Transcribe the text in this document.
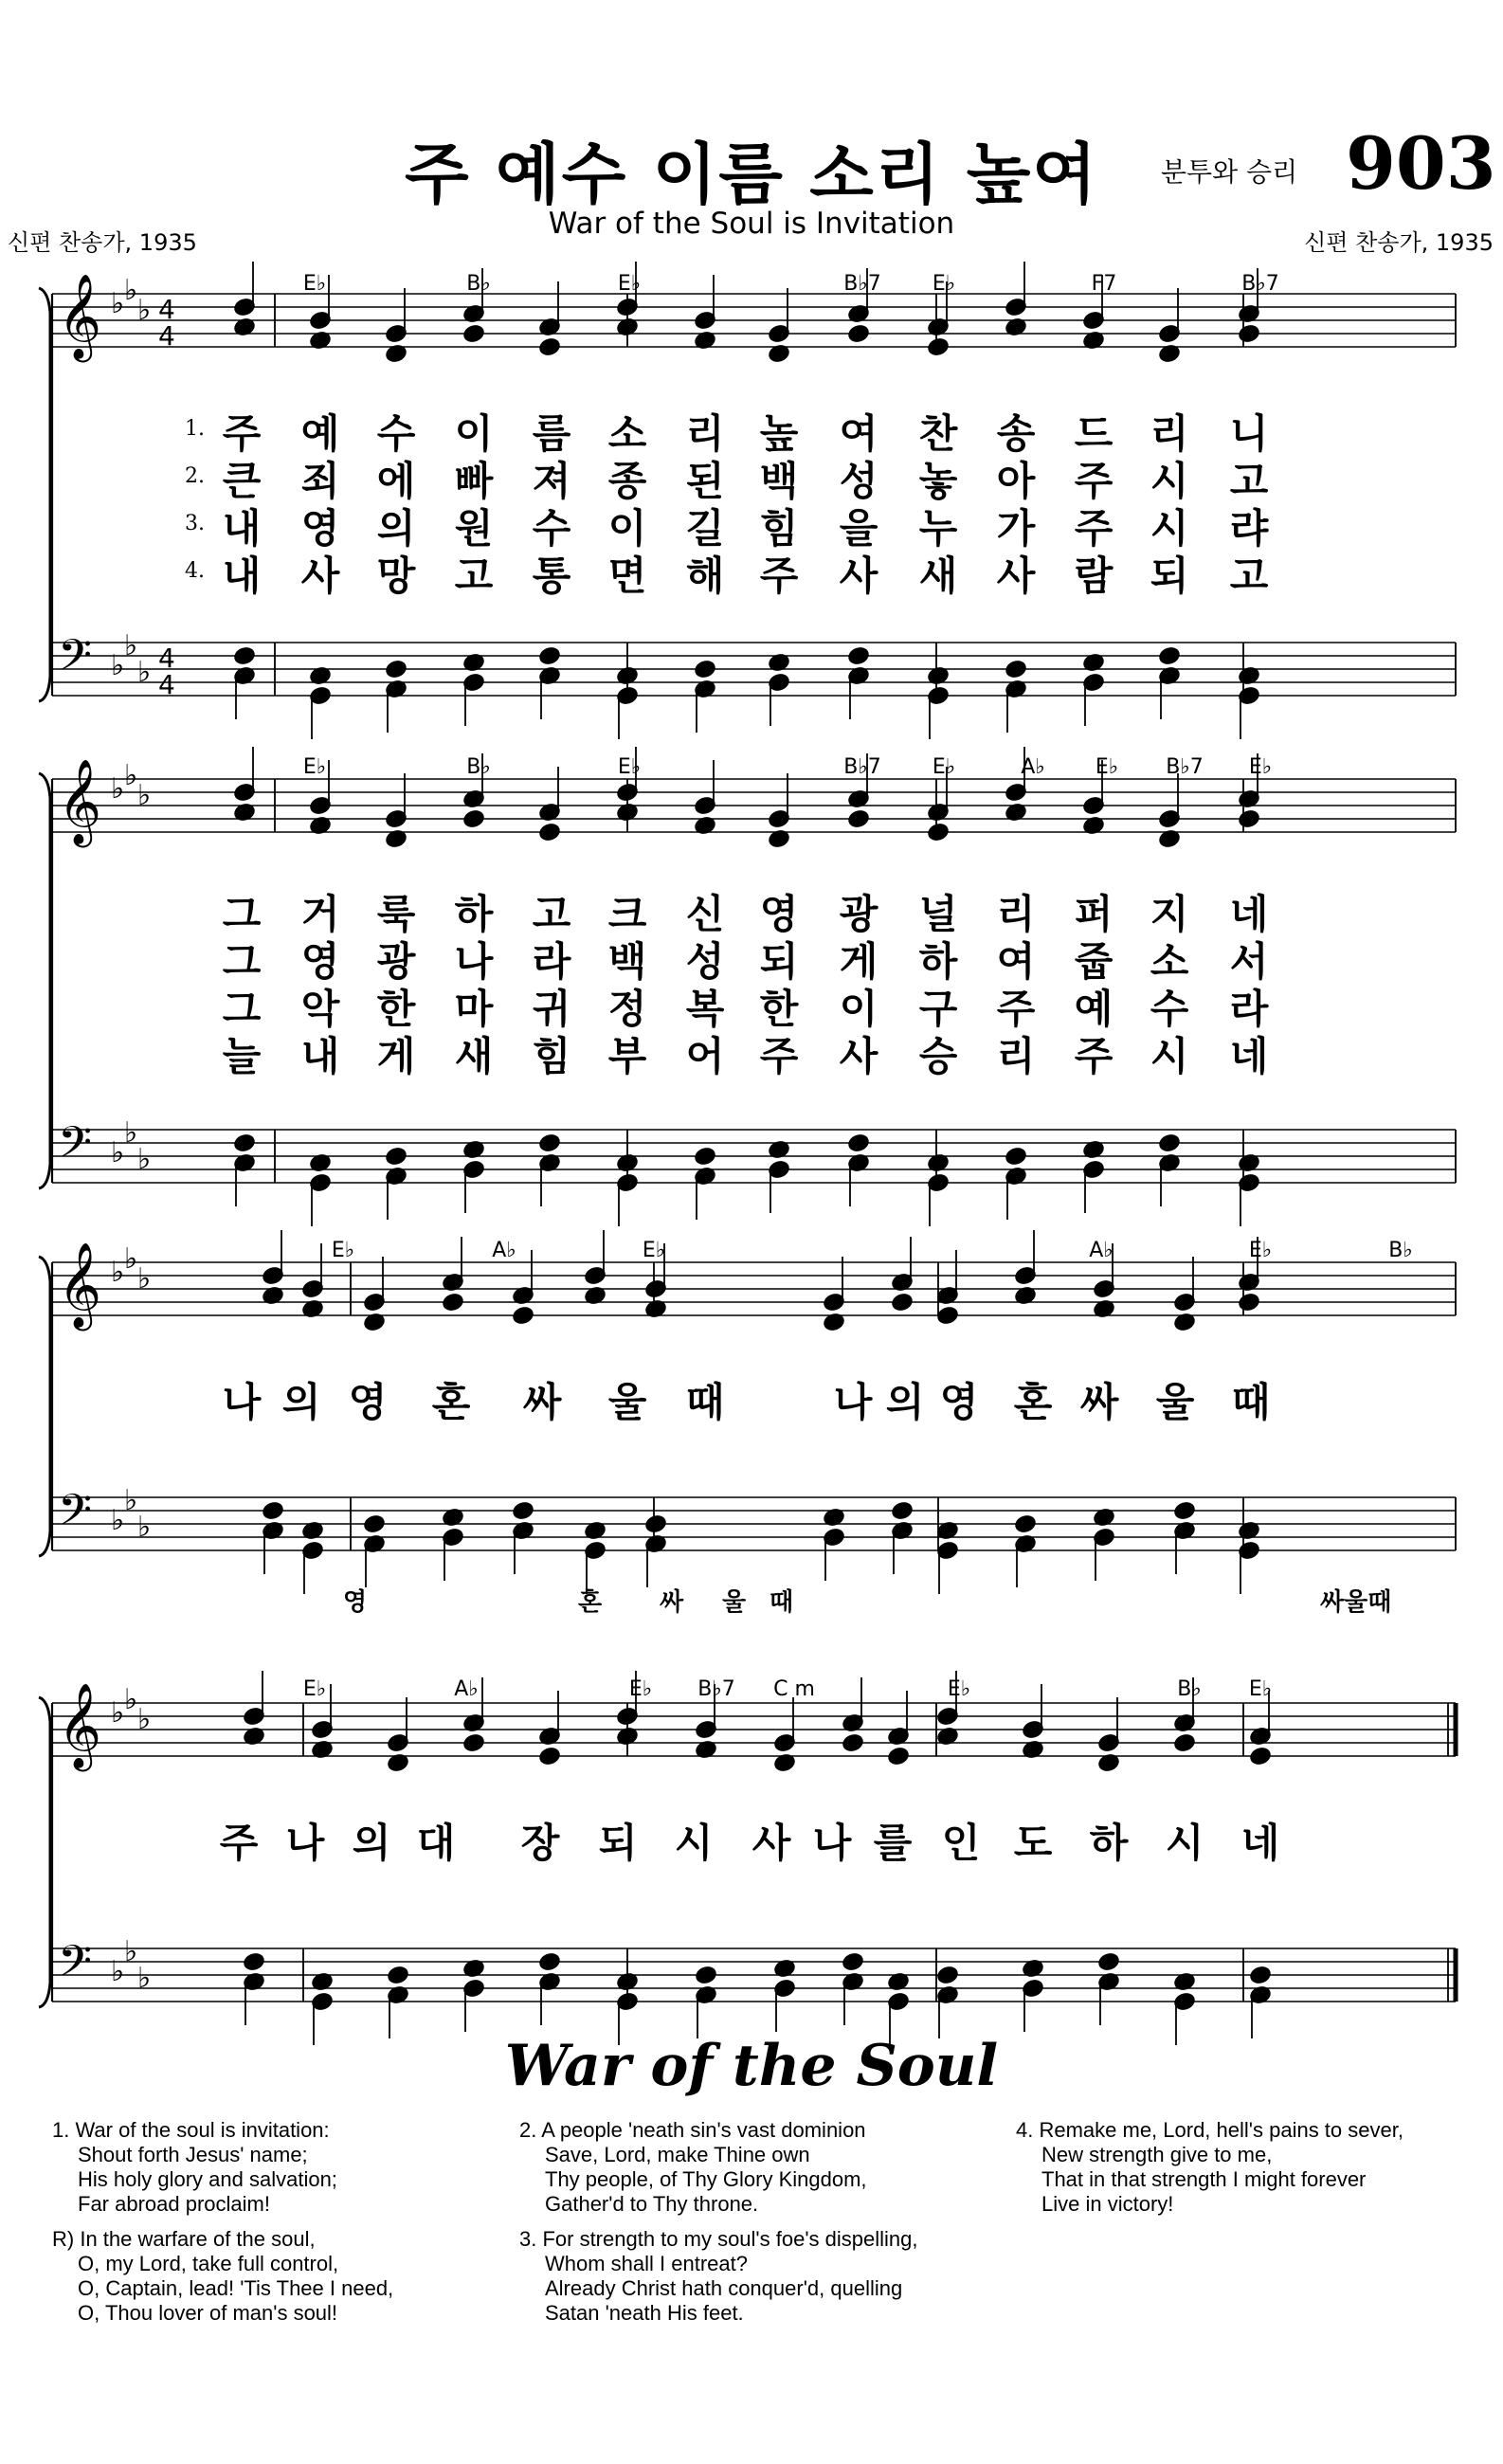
주 예수 이름 소리 높여	분투와 승리 903
War of the Soul is Invitation
신편 찬송가, 1935	신편 찬송가, 1935
𝄞
𝄢
♭ ♭
♭
♭
♭
♭
4
4
4
4
𝄞
𝄢
♭ ♭
♭
♭
♭
♭
𝄞
𝄢
♭ ♭
♭
♭
♭
♭
𝄞
𝄢
♭ ♭
♭
♭
♭
♭
E♭	B♭	E♭	B♭7 E♭	F7	B♭7
E♭	B♭	E♭	B♭7 E♭	A♭ E♭ B♭7 E♭
E♭	A♭	E♭	A♭	E♭	B♭
E♭	A♭	E♭ B♭7 C m	E♭	B♭ E♭
1.
2.
3.
4.
주 예 수 이 름 소 리 높 여 찬 송 드 리 니
큰 죄 에 빠 져 종 된 백 성 놓 아 주 시 고
내 영 의 원 수 이 길 힘 을 누 가 주 시 랴
내 사 망 고 통 면 해 주 사 새 사 람 되 고
그 거 룩 하 고 크 신 영 광 널 리 퍼 지 네
그 영 광 나 라 백 성 되 게 하 여 줍 소 서
그 악 한 마 귀 정 복 한 이 구 주 예 수 라
늘 내 게 새 힘 부 어 주 사 승 리 주 시 네
나 의 영 혼 싸 울 때	나 의 영 혼 싸 울 때
주 나 의 대 장 되 시 사 나 를 인 도 하 시 네
영	혼 싸 울 때	싸울때
War of the Soul
1. War of the soul is invitation:
Shout forth Jesus' name;
His holy glory and salvation;
Far abroad proclaim!
R) In the warfare of the soul,
O, my Lord, take full control,
O, Captain, lead! 'Tis Thee I need,
O, Thou lover of man's soul!
2. A people 'neath sin's vast dominion
Save, Lord, make Thine own
Thy people, of Thy Glory Kingdom,
Gather'd to Thy throne.
3. For strength to my soul's foe's dispelling,
Whom shall I entreat?
Already Christ hath conquer'd, quelling
Satan 'neath His feet.
4. Remake me, Lord, hell's pains to sever,
New strength give to me,
That in that strength I might forever
Live in victory!
